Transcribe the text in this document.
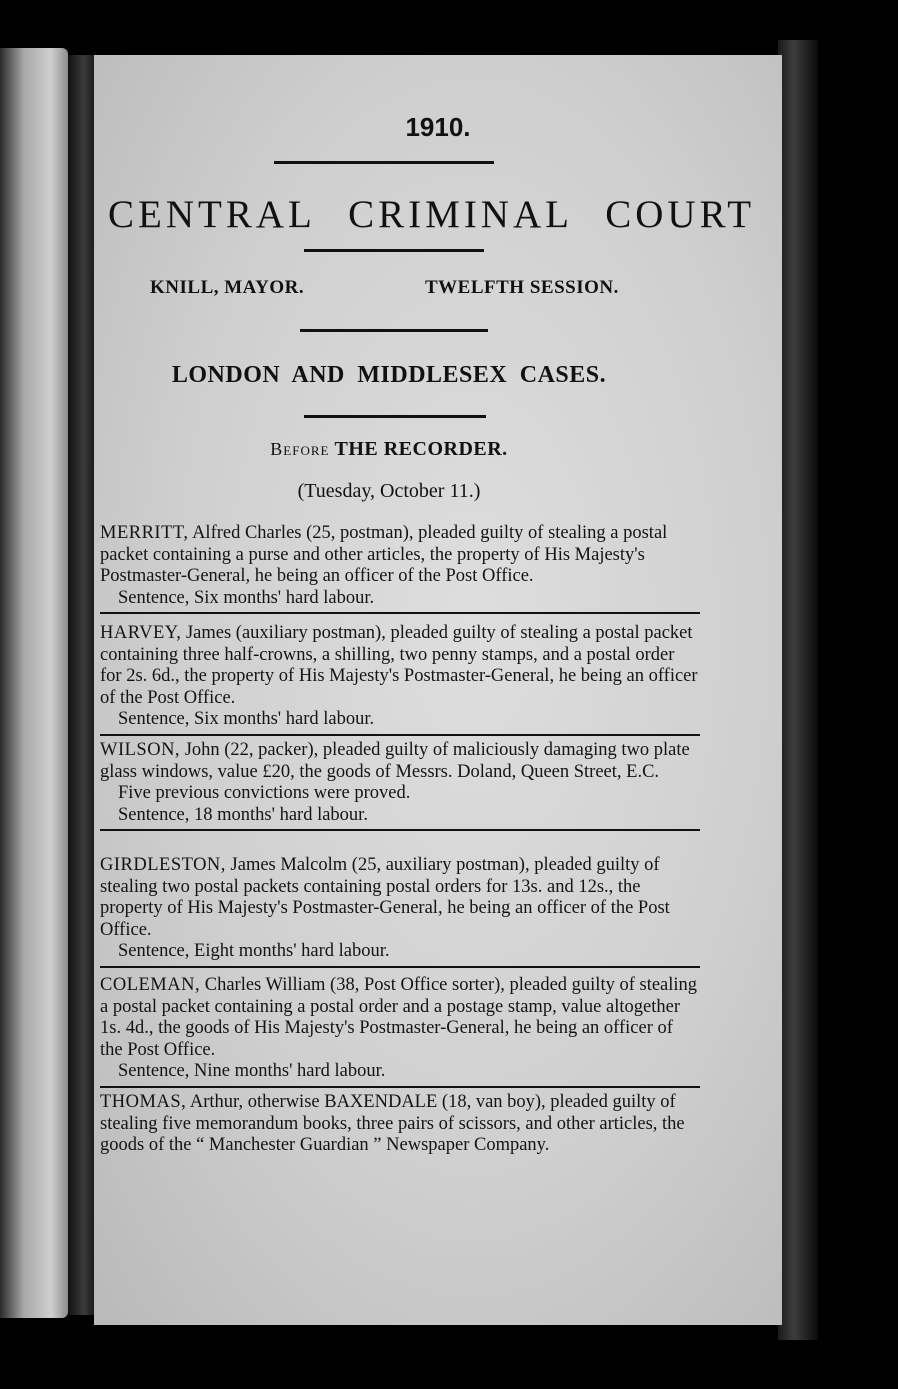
1910.
CENTRAL CRIMINAL COURT
KNILL, MAYOR.	TWELFTH SESSION.
LONDON AND MIDDLESEX CASES.
Before THE RECORDER.
(Tuesday, October 11.)

MERRITT, Alfred Charles (25, postman), pleaded guilty of stealing a postal packet containing a purse and other articles, the property of His Majesty's Postmaster-General, he being an officer of the Post Office.

Sentence, Six months' hard labour.

HARVEY, James (auxiliary postman), pleaded guilty of stealing a postal packet containing three half-crowns, a shilling, two penny stamps, and a postal order for 2s. 6d., the property of His Majesty's Postmaster-General, he being an officer of the Post Office.

Sentence, Six months' hard labour.

WILSON, John (22, packer), pleaded guilty of maliciously damaging two plate glass windows, value £20, the goods of Messrs. Doland, Queen Street, E.C.

Five previous convictions were proved.

Sentence, 18 months' hard labour.

GIRDLESTON, James Malcolm (25, auxiliary postman), pleaded guilty of stealing two postal packets containing postal orders for 13s. and 12s., the property of His Majesty's Postmaster-General, he being an officer of the Post Office.

Sentence, Eight months' hard labour.

COLEMAN, Charles William (38, Post Office sorter), pleaded guilty of stealing a postal packet containing a postal order and a postage stamp, value altogether 1s. 4d., the goods of His Majesty's Postmaster-General, he being an officer of the Post Office.

Sentence, Nine months' hard labour.

THOMAS, Arthur, otherwise BAXENDALE (18, van boy), pleaded guilty of stealing five memorandum books, three pairs of scissors, and other articles, the goods of the “ Manchester Guardian ” Newspaper Company.
